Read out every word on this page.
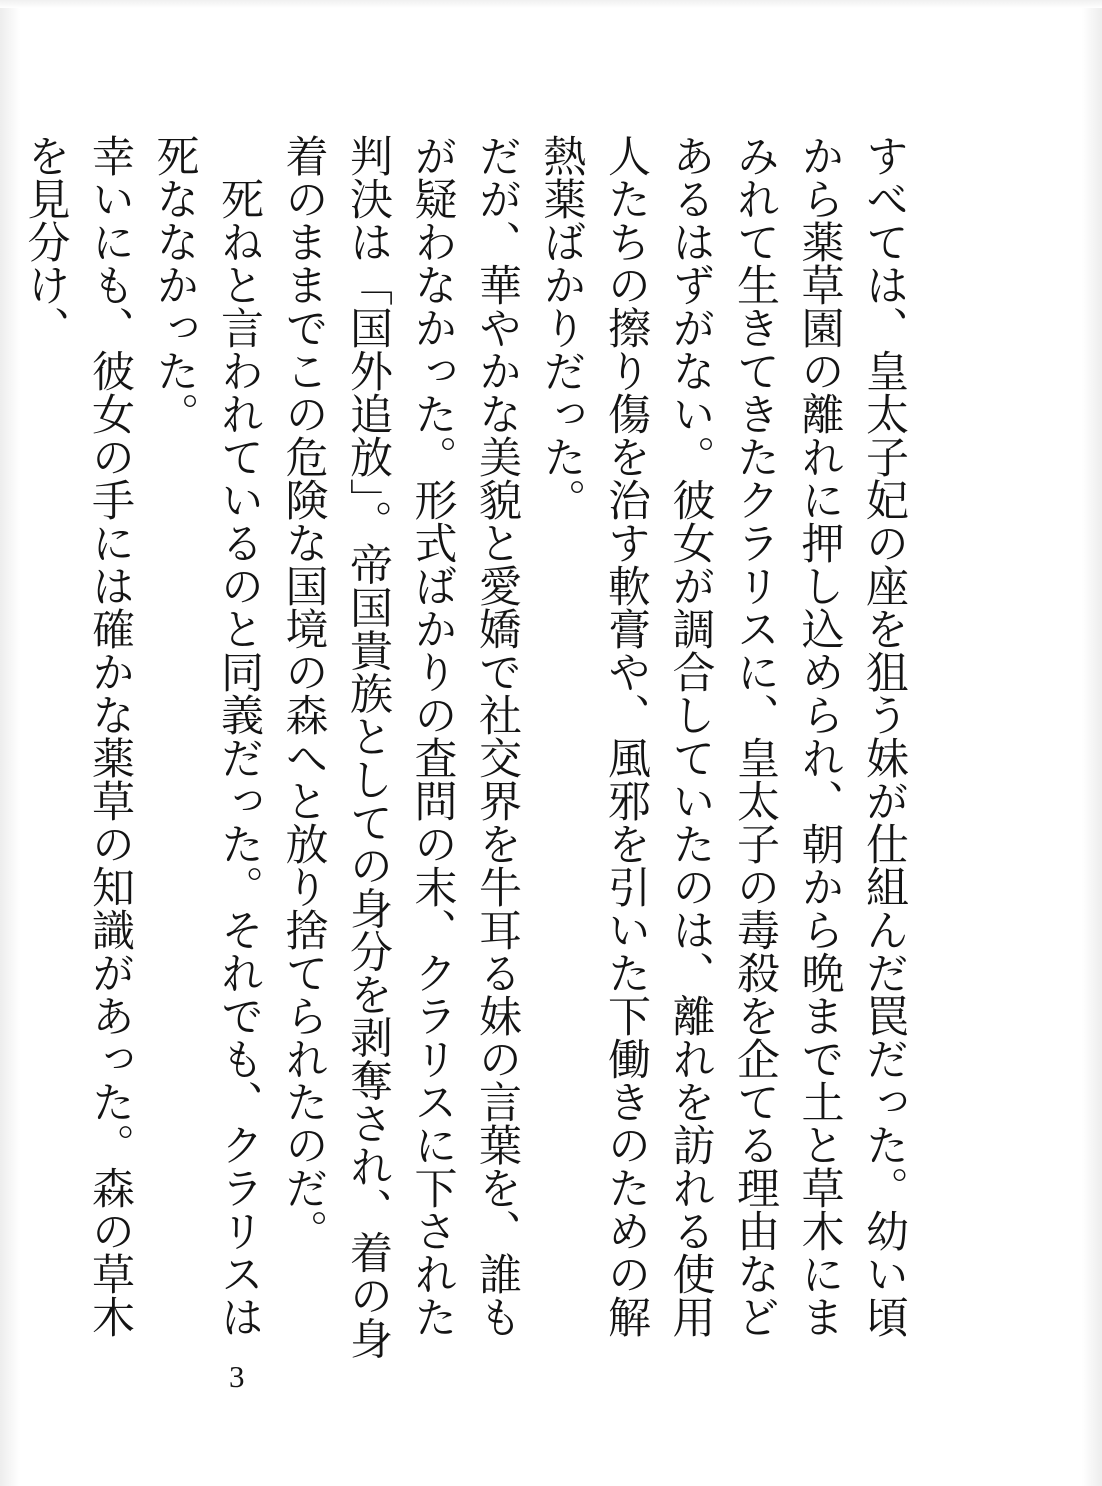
すべては、皇太子妃の座を狙う妹が仕組んだ罠だった。幼い頃から薬草園の離れに押し込められ、朝から晩まで土と草木にまみれて生きてきたクラリスに、皇太子の毒殺を企てる理由などあるはずがない。彼女が調合していたのは、離れを訪れる使用人たちの擦り傷を治す軟膏や、風邪を引いた下働きのための解熱薬ばかりだった。

だが、華やかな美貌と愛嬌で社交界を牛耳る妹の言葉を、誰もが疑わなかった。形式ばかりの査問の末、クラリスに下された判決は「国外追放」。帝国貴族としての身分を剥奪され、着の身着のままでこの危険な国境の森へと放り捨てられたのだ。

死ねと言われているのと同義だった。それでも、クラリスは死ななかった。

幸いにも、彼女の手には確かな薬草の知識があった。森の草木を見分け、

3
